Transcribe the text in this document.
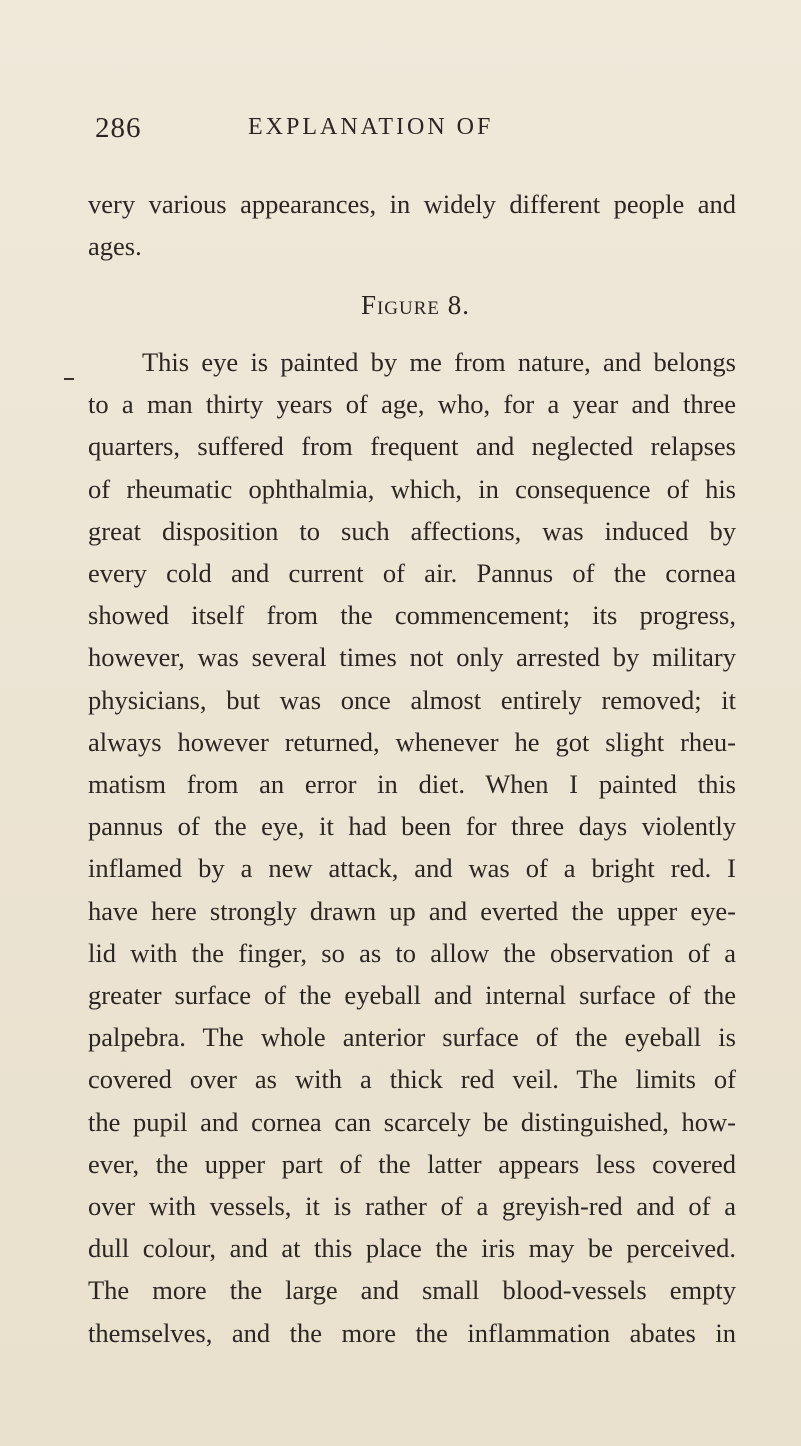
286	EXPLANATION OF

very various appearances, in widely different people and
ages.

Figure 8.

This eye is painted by me from nature, and belongs
to a man thirty years of age, who, for a year and three
quarters, suffered from frequent and neglected relapses
of rheumatic ophthalmia, which, in consequence of his
great disposition to such affections, was induced by
every cold and current of air. Pannus of the cornea
showed itself from the commencement; its progress,
however, was several times not only arrested by military
physicians, but was once almost entirely removed; it
always however returned, whenever he got slight rheu-
matism from an error in diet. When I painted this
pannus of the eye, it had been for three days violently
inflamed by a new attack, and was of a bright red. I
have here strongly drawn up and everted the upper eye-
lid with the finger, so as to allow the observation of a
greater surface of the eyeball and internal surface of the
palpebra. The whole anterior surface of the eyeball is
covered over as with a thick red veil. The limits of
the pupil and cornea can scarcely be distinguished, how-
ever, the upper part of the latter appears less covered
over with vessels, it is rather of a greyish-red and of a
dull colour, and at this place the iris may be perceived.
The more the large and small blood-vessels empty
themselves, and the more the inflammation abates in
